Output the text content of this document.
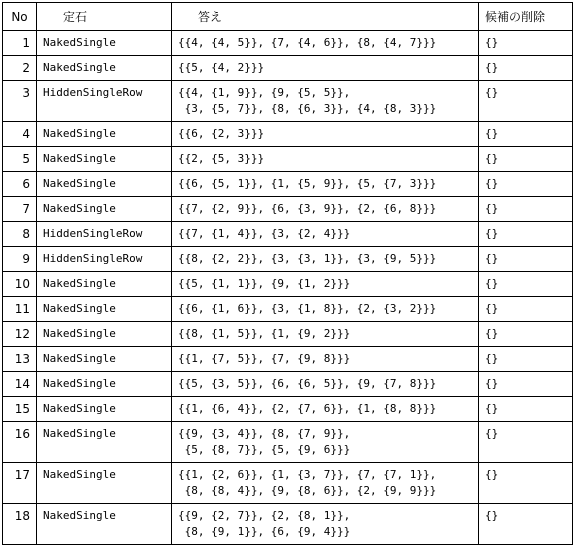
No	定石	答え	候補の削除
1	NakedSingle	{{4, {4, 5}}, {7, {4, 6}}, {8, {4, 7}}}	{}
2	NakedSingle	{{5, {4, 2}}}	{}
3	HiddenSingleRow	{{4, {1, 9}}, {9, {5, 5}},
{3, {5, 7}}, {8, {6, 3}}, {4, {8, 3}}}	{}
4	NakedSingle	{{6, {2, 3}}}	{}
5	NakedSingle	{{2, {5, 3}}}	{}
6	NakedSingle	{{6, {5, 1}}, {1, {5, 9}}, {5, {7, 3}}}	{}
7	NakedSingle	{{7, {2, 9}}, {6, {3, 9}}, {2, {6, 8}}}	{}
8	HiddenSingleRow	{{7, {1, 4}}, {3, {2, 4}}}	{}
9	HiddenSingleRow	{{8, {2, 2}}, {3, {3, 1}}, {3, {9, 5}}}	{}
10	NakedSingle	{{5, {1, 1}}, {9, {1, 2}}}	{}
11	NakedSingle	{{6, {1, 6}}, {3, {1, 8}}, {2, {3, 2}}}	{}
12	NakedSingle	{{8, {1, 5}}, {1, {9, 2}}}	{}
13	NakedSingle	{{1, {7, 5}}, {7, {9, 8}}}	{}
14	NakedSingle	{{5, {3, 5}}, {6, {6, 5}}, {9, {7, 8}}}	{}
15	NakedSingle	{{1, {6, 4}}, {2, {7, 6}}, {1, {8, 8}}}	{}
16	NakedSingle	{{9, {3, 4}}, {8, {7, 9}},
{5, {8, 7}}, {5, {9, 6}}}	{}
17	NakedSingle	{{1, {2, 6}}, {1, {3, 7}}, {7, {7, 1}},
{8, {8, 4}}, {9, {8, 6}}, {2, {9, 9}}}	{}
18	NakedSingle	{{9, {2, 7}}, {2, {8, 1}},
{8, {9, 1}}, {6, {9, 4}}}	{}
